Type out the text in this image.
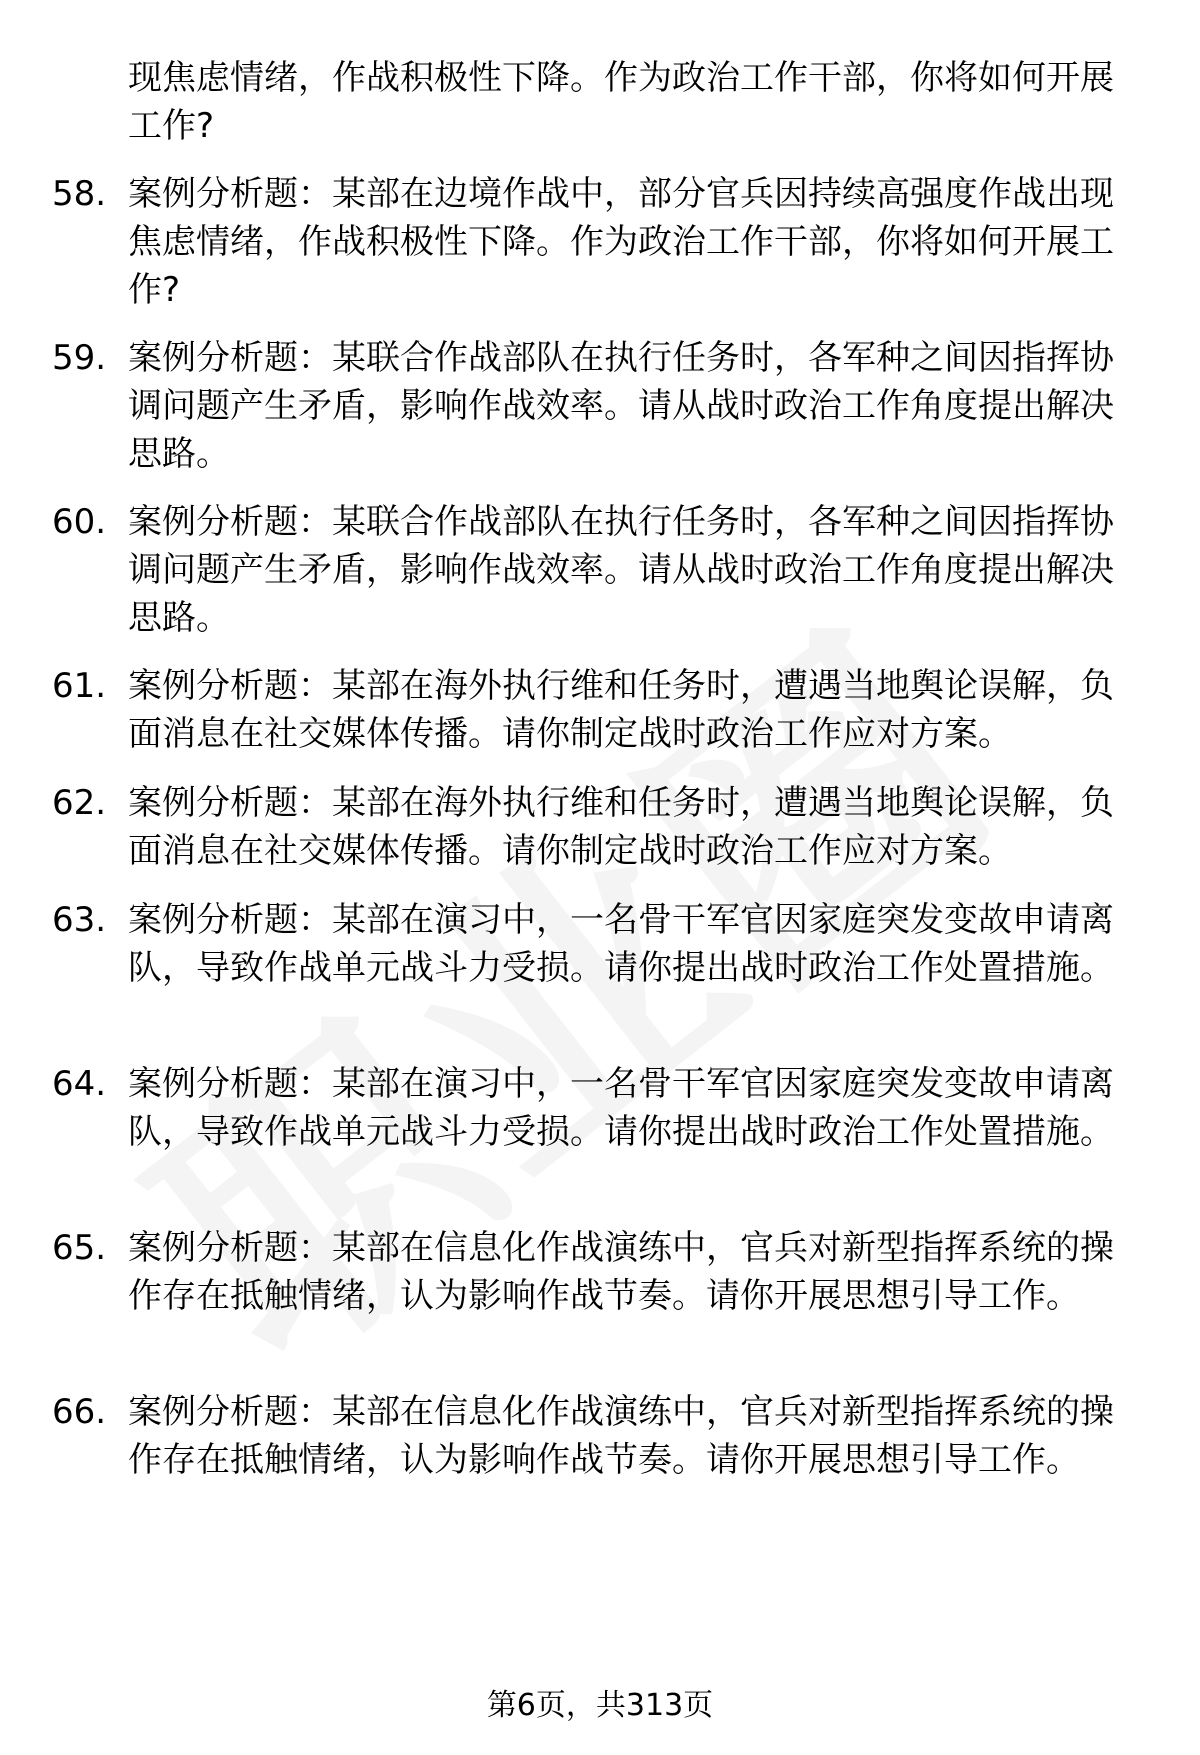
现焦虑情绪，作战积极性下降。作为政治工作干部，你将如何开展工作?

58. 案例分析题：某部在边境作战中，部分官兵因持续高强度作战出现焦虑情绪，作战积极性下降。作为政治工作干部，你将如何开展工作?

59. 案例分析题：某联合作战部队在执行任务时，各军种之间因指挥协调问题产生矛盾，影响作战效率。请从战时政治工作角度提出解决思路。

60. 案例分析题：某联合作战部队在执行任务时，各军种之间因指挥协调问题产生矛盾，影响作战效率。请从战时政治工作角度提出解决思路。

61. 案例分析题：某部在海外执行维和任务时，遭遇当地舆论误解，负面消息在社交媒体传播。请你制定战时政治工作应对方案。

62. 案例分析题：某部在海外执行维和任务时，遭遇当地舆论误解，负面消息在社交媒体传播。请你制定战时政治工作应对方案。

63. 案例分析题：某部在演习中，一名骨干军官因家庭突发变故申请离队，导致作战单元战斗力受损。请你提出战时政治工作处置措施。

64. 案例分析题：某部在演习中，一名骨干军官因家庭突发变故申请离队，导致作战单元战斗力受损。请你提出战时政治工作处置措施。

65. 案例分析题：某部在信息化作战演练中，官兵对新型指挥系统的操作存在抵触情绪，认为影响作战节奏。请你开展思想引导工作。

66. 案例分析题：某部在信息化作战演练中，官兵对新型指挥系统的操作存在抵触情绪，认为影响作战节奏。请你开展思想引导工作。

第6页，共313页
